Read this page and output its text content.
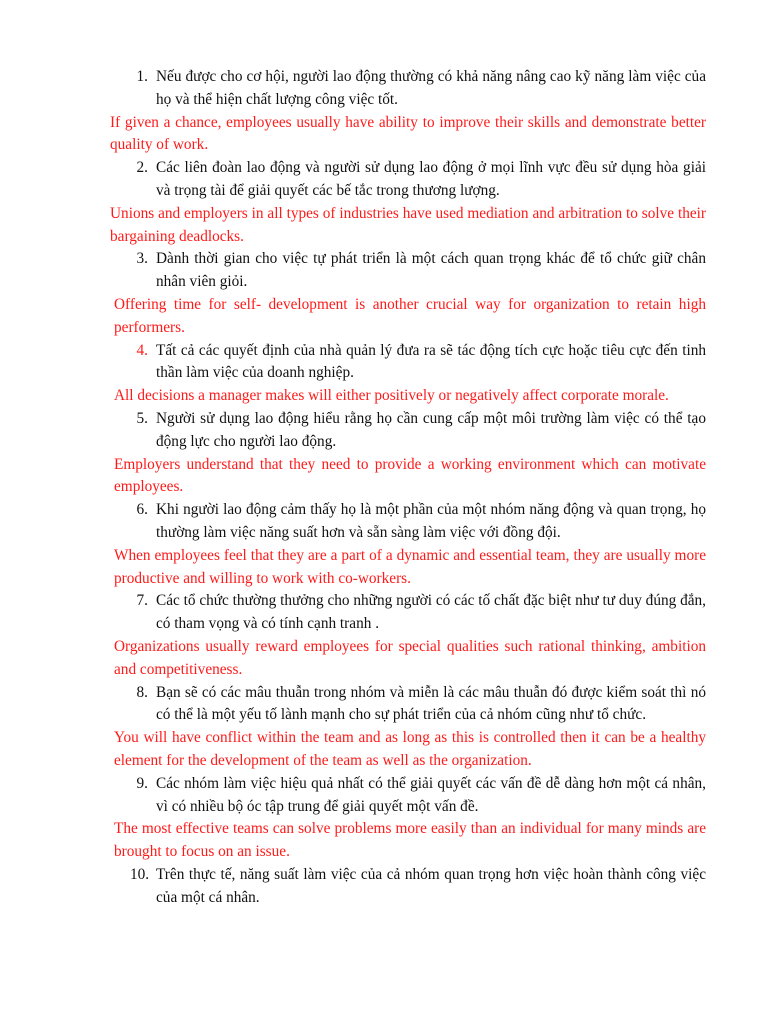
1. Nếu được cho cơ hội, người lao động thường có khả năng nâng cao kỹ năng làm việc của họ và thể hiện chất lượng công việc tốt.
If given a chance, employees usually have ability to improve their skills and demonstrate better quality of work.
2. Các liên đoàn lao động và người sử dụng lao động ở mọi lĩnh vực đều sử dụng hòa giải và trọng tài để giải quyết các bế tắc trong thương lượng.
Unions and employers in all types of industries have used mediation and arbitration to solve their bargaining deadlocks.
3. Dành thời gian cho việc tự phát triển là một cách quan trọng khác để tổ chức giữ chân nhân viên giỏi.
Offering time for self- development is another crucial way for organization to retain high performers.
4. Tất cả các quyết định của nhà quản lý đưa ra sẽ tác động tích cực hoặc tiêu cực đến tinh thần làm việc của doanh nghiệp.
All decisions a manager makes will either positively or negatively affect corporate morale.
5. Người sử dụng lao động hiểu rằng họ cần cung cấp một môi trường làm việc có thể tạo động lực cho người lao động.
Employers understand that they need to provide a working environment which can motivate employees.
6. Khi người lao động cảm thấy họ là một phần của một nhóm năng động và quan trọng, họ thường làm việc năng suất hơn và sẵn sàng làm việc với đồng đội.
When employees feel that they are a part of a dynamic and essential team, they are usually more productive and willing to work with co-workers.
7. Các tổ chức thường thưởng cho những người có các tố chất đặc biệt như tư duy đúng đắn, có tham vọng và có tính cạnh tranh .
Organizations usually reward employees for special qualities such rational thinking, ambition and competitiveness.
8. Bạn sẽ có các mâu thuẫn trong nhóm và miễn là các mâu thuẫn đó được kiểm soát thì nó có thể là một yếu tố lành mạnh cho sự phát triển của cả nhóm cũng như tổ chức.
You will have conflict within the team and as long as this is controlled then it can be a healthy element for the development of the team as well as the organization.
9. Các nhóm làm việc hiệu quả nhất có thể giải quyết các vấn đề dễ dàng hơn một cá nhân, vì có nhiều bộ óc tập trung để giải quyết một vấn đề.
The most effective teams can solve problems more easily than an individual for many minds are brought to focus on an issue.
10. Trên thực tế, năng suất làm việc của cả nhóm quan trọng hơn việc hoàn thành công việc của một cá nhân.
